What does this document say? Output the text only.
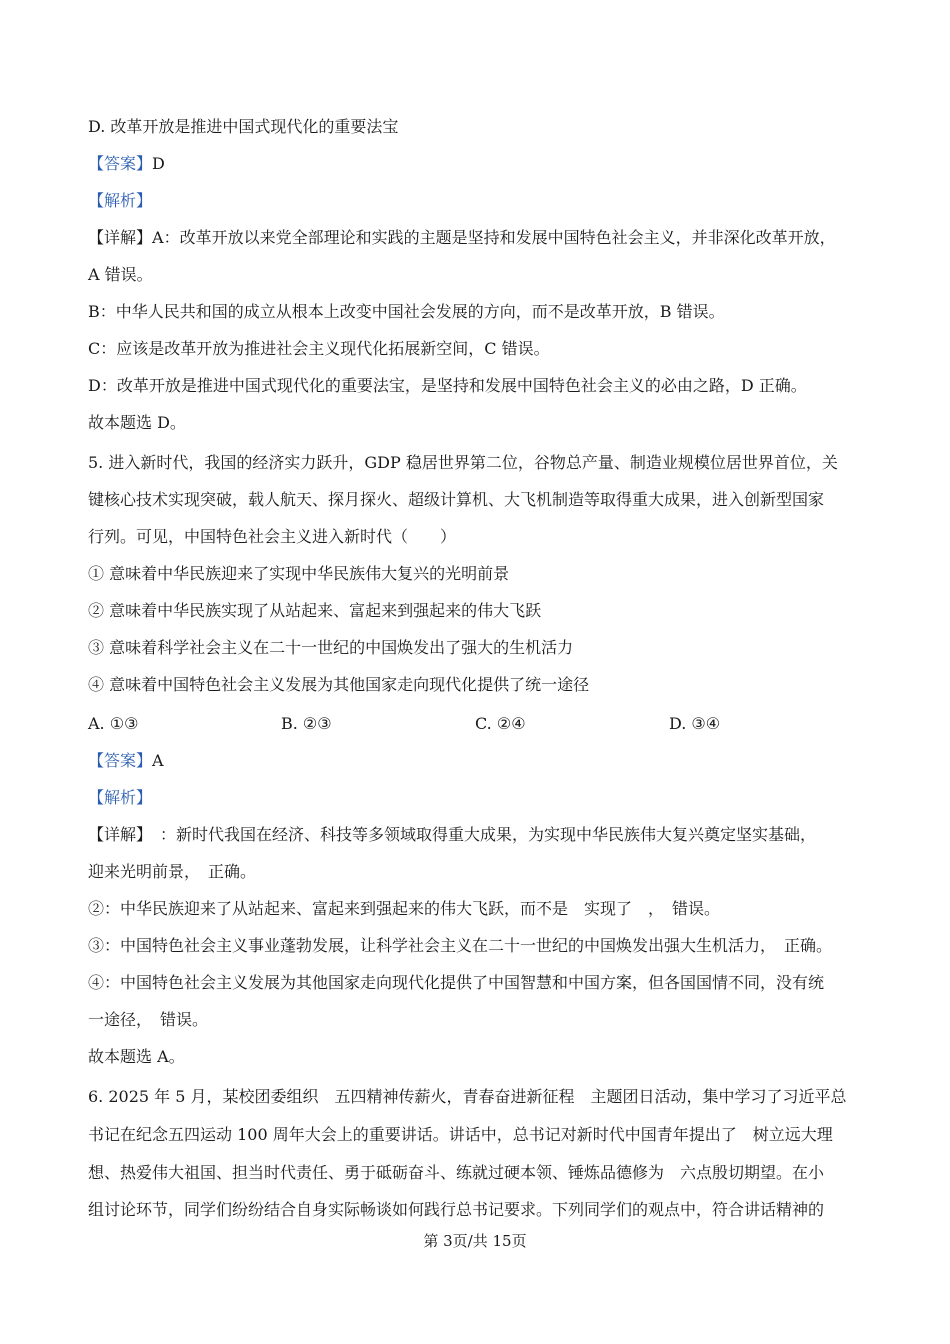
D. 改革开放是推进中国式现代化的重要法宝
【答案】D
【解析】
【详解】A：改革开放以来党全部理论和实践的主题是坚持和发展中国特色社会主义，并非深化改革开放，
A 错误。
B：中华人民共和国的成立从根本上改变中国社会发展的方向，而不是改革开放，B 错误。
C：应该是改革开放为推进社会主义现代化拓展新空间，C 错误。
D：改革开放是推进中国式现代化的重要法宝，是坚持和发展中国特色社会主义的必由之路，D 正确。
故本题选 D。
5. 进入新时代，我国的经济实力跃升，GDP 稳居世界第二位，谷物总产量、制造业规模位居世界首位，关
键核心技术实现突破，载人航天、探月探火、超级计算机、大飞机制造等取得重大成果，进入创新型国家
行列。可见，中国特色社会主义进入新时代（　　）
① 意味着中华民族迎来了实现中华民族伟大复兴的光明前景
② 意味着中华民族实现了从站起来、富起来到强起来的伟大飞跃
③ 意味着科学社会主义在二十一世纪的中国焕发出了强大的生机活力
④ 意味着中国特色社会主义发展为其他国家走向现代化提供了统一途径
A. ①③	B. ②③	C. ②④	D. ③④
【答案】A
【解析】
【详解】　：新时代我国在经济、科技等多领域取得重大成果，为实现中华民族伟大复兴奠定坚实基础，
迎来光明前景，　正确。
②：中华民族迎来了从站起来、富起来到强起来的伟大飞跃，而不是　实现了　，　错误。
③：中国特色社会主义事业蓬勃发展，让科学社会主义在二十一世纪的中国焕发出强大生机活力，　正确。
④：中国特色社会主义发展为其他国家走向现代化提供了中国智慧和中国方案，但各国国情不同，没有统
一途径，　错误。
故本题选 A。
6. 2025 年 5 月，某校团委组织　五四精神传薪火，青春奋进新征程　主题团日活动，集中学习了习近平总
书记在纪念五四运动 100 周年大会上的重要讲话。讲话中，总书记对新时代中国青年提出了　树立远大理
想、热爱伟大祖国、担当时代责任、勇于砥砺奋斗、练就过硬本领、锤炼品德修为　六点殷切期望。在小
组讨论环节，同学们纷纷结合自身实际畅谈如何践行总书记要求。下列同学们的观点中，符合讲话精神的
第 3页/共 15页
